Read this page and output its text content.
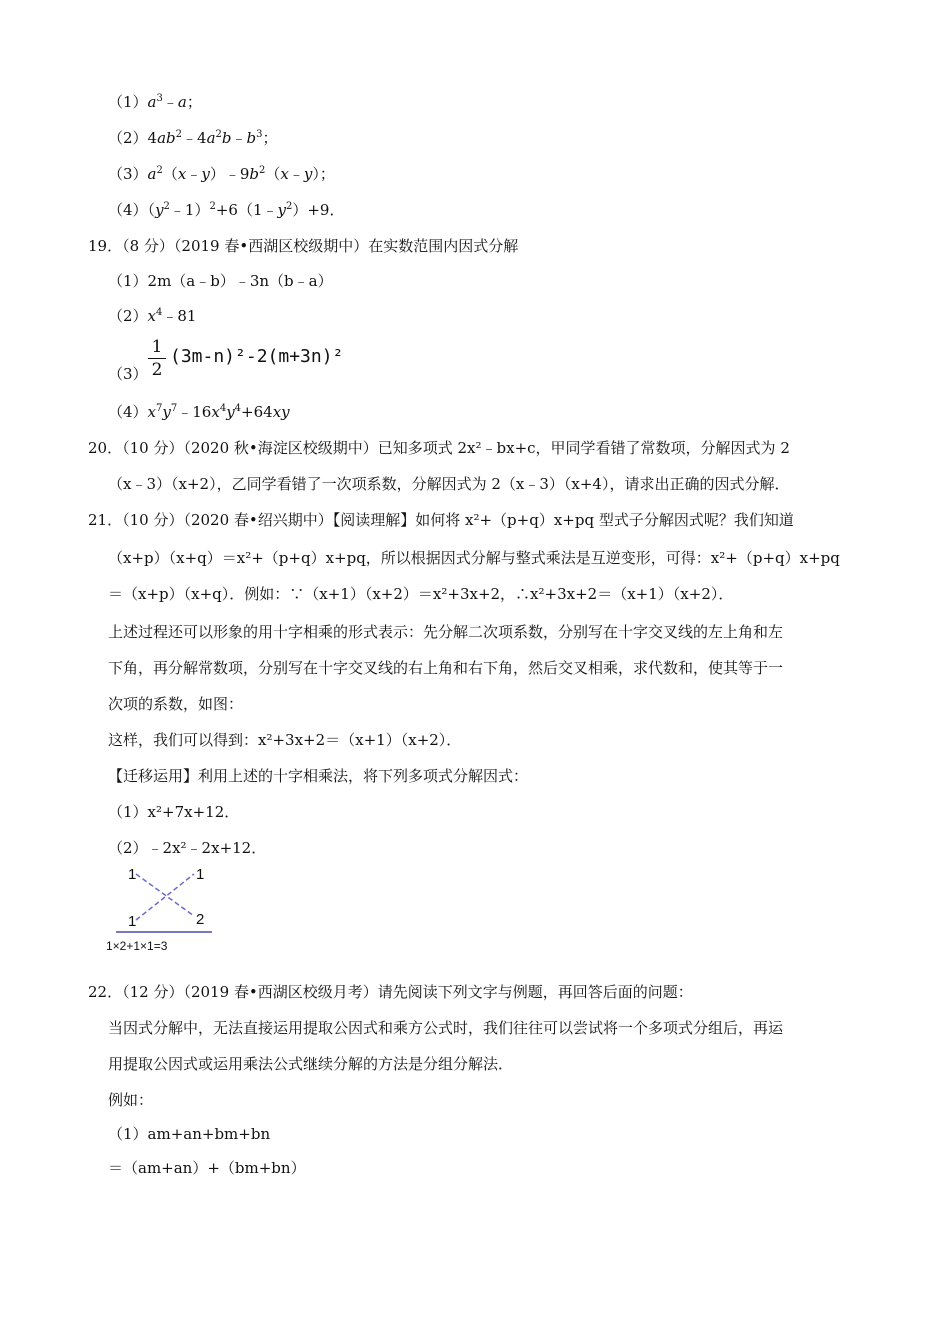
$(1)a^3﹣a$；
$(2)4ab^2﹣4a^2b﹣b^3$；
$(3)a^2(x﹣y)﹣9b^2(x﹣y)$；
$(4)(y^2﹣1)^2+6(1﹣y^2)+9$．
19．（8 分）（2019 春•西湖区校级期中）在实数范围内因式分解
（1）2m（a﹣b）﹣3n（b﹣a）
$(2)x^4﹣81$
（3）
1
2
(3m-n)²-2(m+3n)²
$(4)x^7y^7﹣16x^4y^4+64xy$
20．（10 分）（2020 秋•海淀区校级期中）已知多项式 2x²﹣bx+c，甲同学看错了常数项，分解因式为 2
（x﹣3）（x+2），乙同学看错了一次项系数，分解因式为 2（x﹣3）（x+4），请求出正确的因式分解．
21．（10 分）（2020 春•绍兴期中）【阅读理解】如何将 x²+（p+q）x+pq 型式子分解因式呢？我们知道
（x+p）（x+q）＝x²+（p+q）x+pq，所以根据因式分解与整式乘法是互逆变形，可得：x²+（p+q）x+pq
＝（x+p）（x+q）．例如：∵（x+1）（x+2）＝x²+3x+2，∴x²+3x+2＝（x+1）（x+2）．
上述过程还可以形象的用十字相乘的形式表示：先分解二次项系数，分别写在十字交叉线的左上角和左
下角，再分解常数项，分别写在十字交叉线的右上角和右下角，然后交叉相乘，求代数和，使其等于一
次项的系数，如图：
这样，我们可以得到：x²+3x+2＝（x+1）（x+2）．
【迁移运用】利用上述的十字相乘法，将下列多项式分解因式：
（1）x²+7x+12．
（2）﹣2x²﹣2x+12．
1	1
1	2
1×2+1×1=3
22．（12 分）（2019 春•西湖区校级月考）请先阅读下列文字与例题，再回答后面的问题：
当因式分解中，无法直接运用提取公因式和乘方公式时，我们往往可以尝试将一个多项式分组后，再运
用提取公因式或运用乘法公式继续分解的方法是分组分解法．
例如：
（1）am+an+bm+bn
＝（am+an）+（bm+bn）
